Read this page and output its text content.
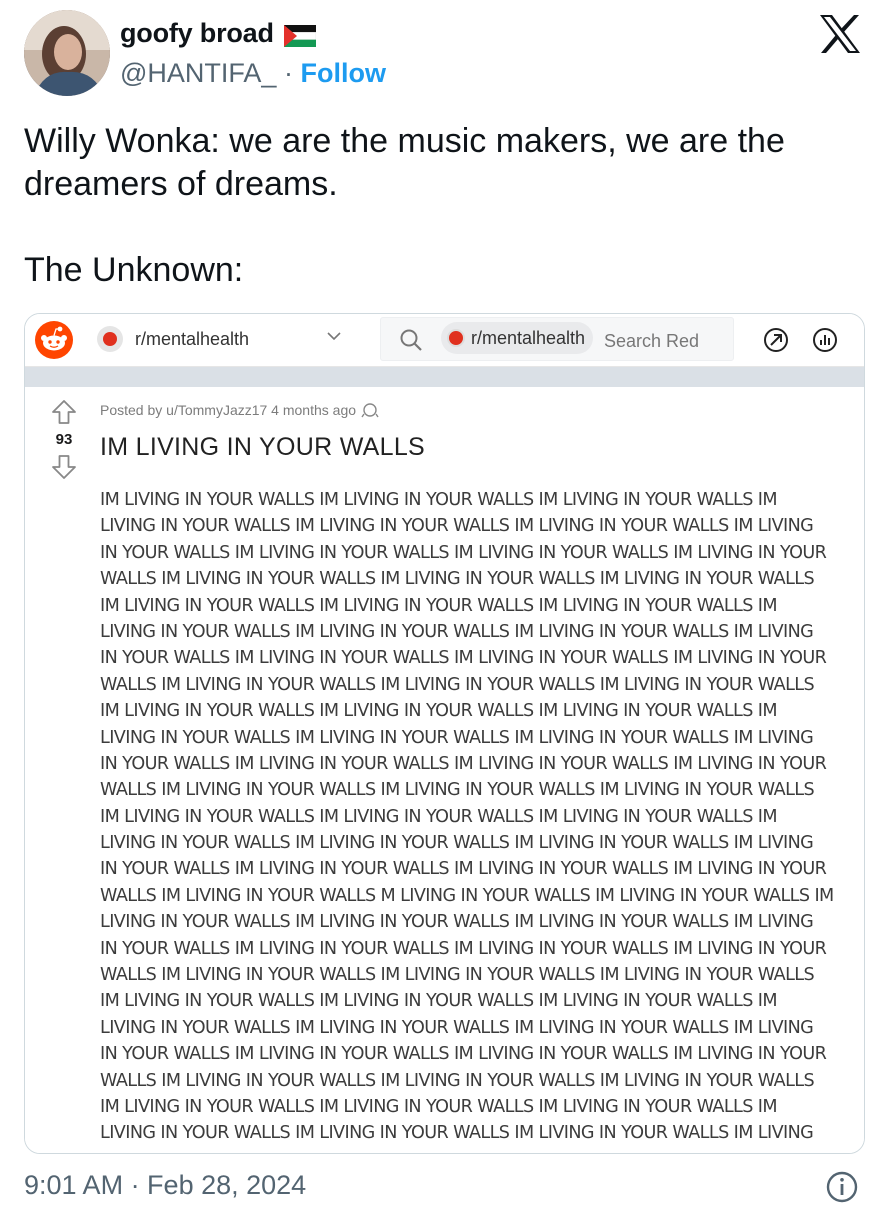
goofy broad
@HANTIFA_ · Follow
Willy Wonka: we are the music makers, we are the dreamers of dreams.

The Unknown:
r/mentalhealth	r/mentalhealth	Search Red
93
Posted by u/TommyJazz17 4 months ago
IM LIVING IN YOUR WALLS
IM LIVING IN YOUR WALLS IM LIVING IN YOUR WALLS IM LIVING IN YOUR WALLS IM
LIVING IN YOUR WALLS IM LIVING IN YOUR WALLS IM LIVING IN YOUR WALLS IM LIVING
IN YOUR WALLS IM LIVING IN YOUR WALLS IM LIVING IN YOUR WALLS IM LIVING IN YOUR
WALLS IM LIVING IN YOUR WALLS IM LIVING IN YOUR WALLS IM LIVING IN YOUR WALLS
IM LIVING IN YOUR WALLS IM LIVING IN YOUR WALLS IM LIVING IN YOUR WALLS IM
LIVING IN YOUR WALLS IM LIVING IN YOUR WALLS IM LIVING IN YOUR WALLS IM LIVING
IN YOUR WALLS IM LIVING IN YOUR WALLS IM LIVING IN YOUR WALLS IM LIVING IN YOUR
WALLS IM LIVING IN YOUR WALLS IM LIVING IN YOUR WALLS IM LIVING IN YOUR WALLS
IM LIVING IN YOUR WALLS IM LIVING IN YOUR WALLS IM LIVING IN YOUR WALLS IM
LIVING IN YOUR WALLS IM LIVING IN YOUR WALLS IM LIVING IN YOUR WALLS IM LIVING
IN YOUR WALLS IM LIVING IN YOUR WALLS IM LIVING IN YOUR WALLS IM LIVING IN YOUR
WALLS IM LIVING IN YOUR WALLS IM LIVING IN YOUR WALLS IM LIVING IN YOUR WALLS
IM LIVING IN YOUR WALLS IM LIVING IN YOUR WALLS IM LIVING IN YOUR WALLS IM
LIVING IN YOUR WALLS IM LIVING IN YOUR WALLS IM LIVING IN YOUR WALLS IM LIVING
IN YOUR WALLS IM LIVING IN YOUR WALLS IM LIVING IN YOUR WALLS IM LIVING IN YOUR
WALLS IM LIVING IN YOUR WALLS M LIVING IN YOUR WALLS IM LIVING IN YOUR WALLS IM
LIVING IN YOUR WALLS IM LIVING IN YOUR WALLS IM LIVING IN YOUR WALLS IM LIVING
IN YOUR WALLS IM LIVING IN YOUR WALLS IM LIVING IN YOUR WALLS IM LIVING IN YOUR
WALLS IM LIVING IN YOUR WALLS IM LIVING IN YOUR WALLS IM LIVING IN YOUR WALLS
IM LIVING IN YOUR WALLS IM LIVING IN YOUR WALLS IM LIVING IN YOUR WALLS IM
LIVING IN YOUR WALLS IM LIVING IN YOUR WALLS IM LIVING IN YOUR WALLS IM LIVING
IN YOUR WALLS IM LIVING IN YOUR WALLS IM LIVING IN YOUR WALLS IM LIVING IN YOUR
WALLS IM LIVING IN YOUR WALLS IM LIVING IN YOUR WALLS IM LIVING IN YOUR WALLS
IM LIVING IN YOUR WALLS IM LIVING IN YOUR WALLS IM LIVING IN YOUR WALLS IM
LIVING IN YOUR WALLS IM LIVING IN YOUR WALLS IM LIVING IN YOUR WALLS IM LIVING
9:01 AM · Feb 28, 2024
